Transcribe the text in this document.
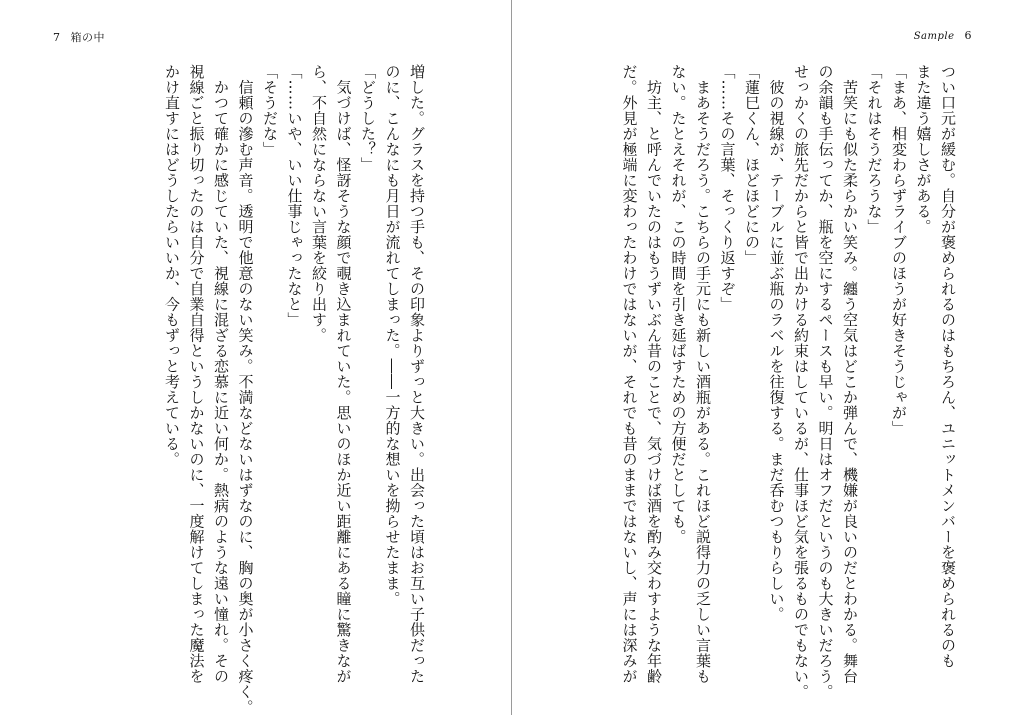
7 箱の中
増した。グラスを持つ手も、その印象よりずっと大きい。出会った頃はお互い子供だった
のに、こんなにも月日が流れてしまった。――一方的な想いを拗らせたまま。
「どうした？」
　気づけば、怪訝そうな顔で覗き込まれていた。思いのほか近い距離にある瞳に驚きなが
ら、不自然にならない言葉を絞り出す。
「……いや、いい仕事じゃったなと」
「そうだな」
　信頼の滲む声音。透明で他意のない笑み。不満などないはずなのに、胸の奥が小さく疼く。
　かつて確かに感じていた、視線に混ざる恋慕に近い何か。熱病のような遠い憧れ。その
視線ごと振り切ったのは自分で自業自得というしかないのに、一度解けてしまった魔法を
かけ直すにはどうしたらいいか、今もずっと考えている。
Sample 6
つい口元が緩む。自分が褒められるのはもちろん、ユニットメンバーを褒められるのも
また違う嬉しさがある。
「まあ、相変わらずライブのほうが好きそうじゃが」
「それはそうだろうな」
　苦笑にも似た柔らかい笑み。纏う空気はどこか弾んで、機嫌が良いのだとわかる。舞台
の余韻も手伝ってか、瓶を空にするペースも早い。明日はオフだというのも大きいだろう。
せっかくの旅先だからと皆で出かける約束はしているが、仕事ほど気を張るものでもない。
　彼の視線が、テーブルに並ぶ瓶のラベルを往復する。まだ呑むつもりらしい。
「蓮巳くん、ほどほどにの」
「……その言葉、そっくり返すぞ」
　まあそうだろう。こちらの手元にも新しい酒瓶がある。これほど説得力の乏しい言葉も
ない。たとえそれが、この時間を引き延ばすための方便だとしても。
　坊主、と呼んでいたのはもうずいぶん昔のことで、気づけば酒を酌み交わすような年齢
だ。外見が極端に変わったわけではないが、それでも昔のままではないし、声には深みが
